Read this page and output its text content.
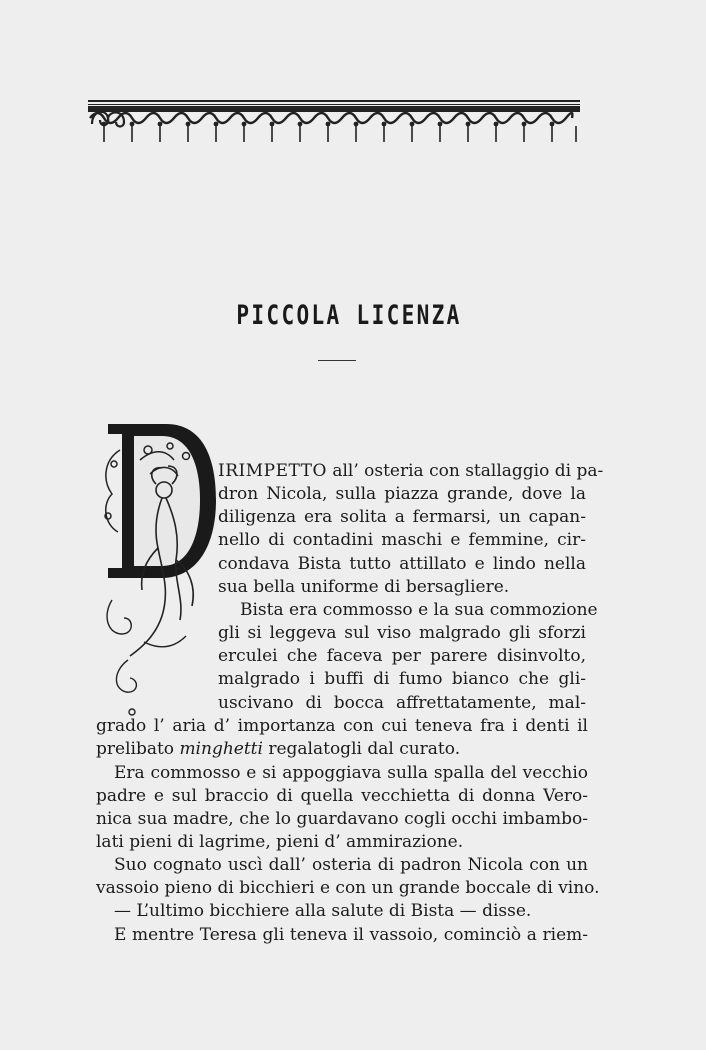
PICCOLA LICENZA
IRIMPETTO all’ osteria con stallaggio di pa-
dron Nicola, sulla piazza grande, dove la
diligenza era solita a fermarsi, un capan-
nello di contadini maschi e femmine, cir-
condava Bista tutto attillato e lindo nella
sua bella uniforme di bersagliere.
Bista era commosso e la sua commozione
gli si leggeva sul viso malgrado gli sforzi
erculei che faceva per parere disinvolto,
malgrado i buffi di fumo bianco che gli-
uscivano di bocca affrettatamente, mal-
grado l’ aria d’ importanza con cui teneva fra i denti il
prelibato minghetti regalatogli dal curato.
Era commosso e si appoggiava sulla spalla del vecchio
padre e sul braccio di quella vecchietta di donna Vero-
nica sua madre, che lo guardavano cogli occhi imbambo-
lati pieni di lagrime, pieni d’ ammirazione.
Suo cognato uscì dall’ osteria di padron Nicola con un
vassoio pieno di bicchieri e con un grande boccale di vino.
— L’ultimo bicchiere alla salute di Bista — disse.
E mentre Teresa gli teneva il vassoio, cominciò a riem-
